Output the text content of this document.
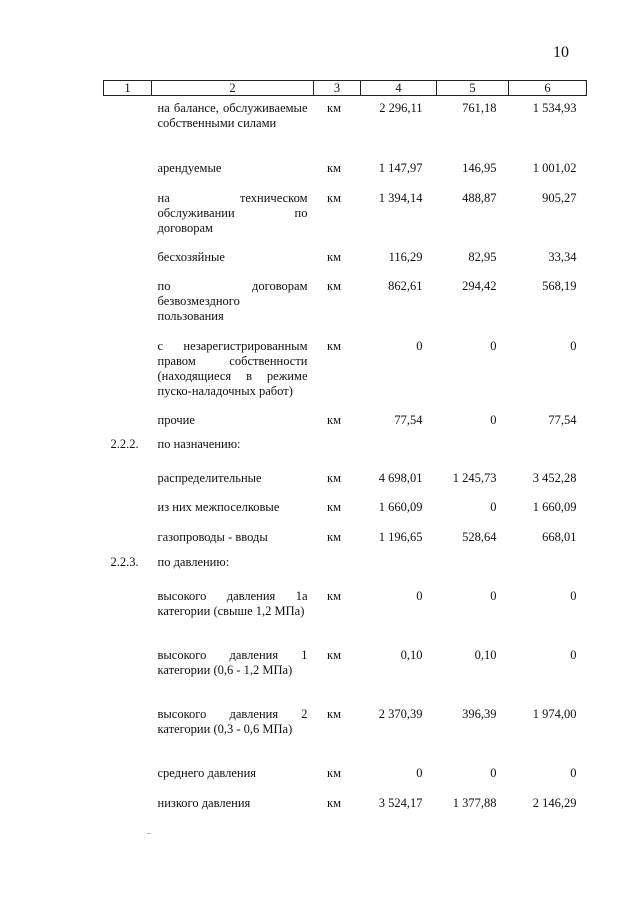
10
1	2	3	4	5	6

	на балансе, обслуживаемые собственными силами	км	2 296,11	761,18	1 534,93

	арендуемые	км	1 147,97	146,95	1 001,02

	на техническом обслуживании по договорам	км	1 394,14	488,87	905,27

	бесхозяйные	км	116,29	82,95	33,34

	по договорам безвозмездного пользования	км	862,61	294,42	568,19

	с незарегистрированным правом собственности (находящиеся в режиме пуско-наладочных работ)	км	0	0	0

	прочие	км	77,54	0	77,54
2.2.2.	по назначению:				

	распределительные	км	4 698,01	1 245,73	3 452,28

	из них межпоселковые	км	1 660,09	0	1 660,09

	газопроводы - вводы	км	1 196,65	528,64	668,01
2.2.3.	по давлению:				

	высокого давления 1а категории (свыше 1,2 МПа)	км	0	0	0

	высокого давления 1 категории (0,6 - 1,2 МПа)	км	0,10	0,10	0

	высокого давления 2 категории (0,3 - 0,6 МПа)	км	2 370,39	396,39	1 974,00

	среднего давления	км	0	0	0

	низкого давления	км	3 524,17	1 377,88	2 146,29
